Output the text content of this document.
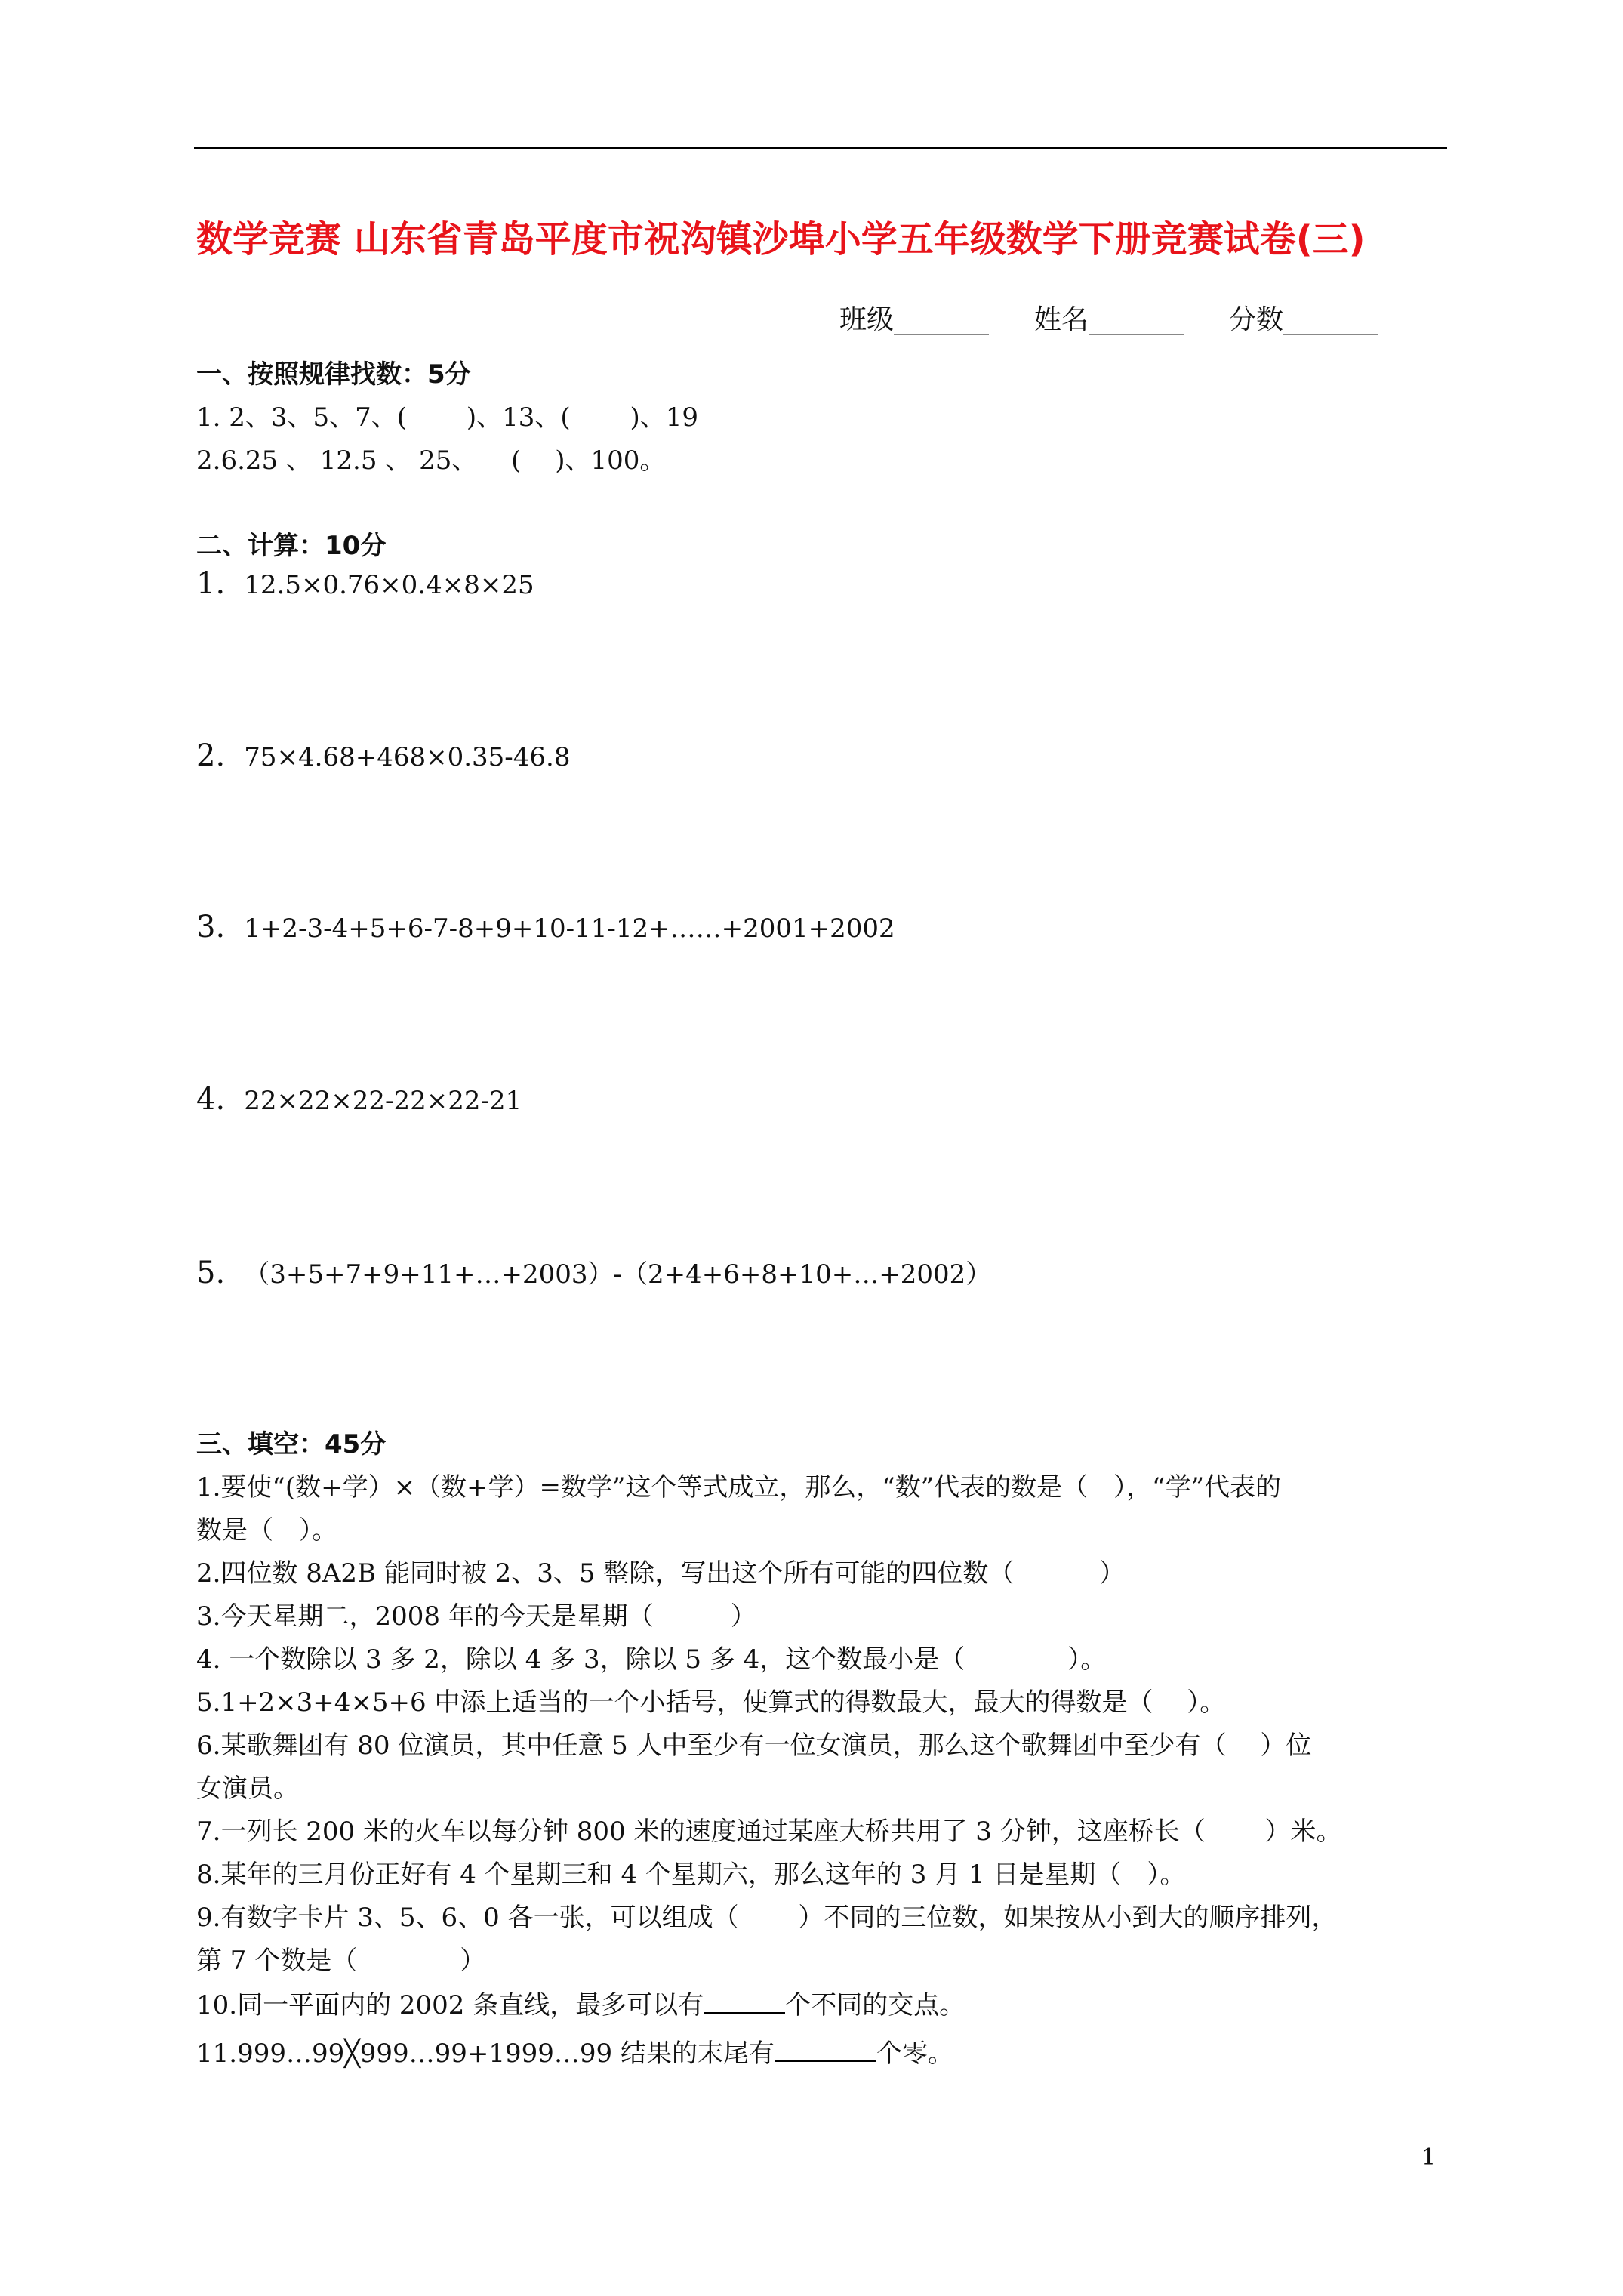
数学竞赛 山东省青岛平度市祝沟镇沙埠小学五年级数学下册竞赛试卷(三)
班级_______ 姓名_______ 分数_______
一、按照规律找数：5分
1. 2、3、5、7、(　　 )、13、(　　 )、19
2.6.25 、 12.5 、 25、 　( 　)、100。
二、计算：10分
1. 12.5×0.76×0.4×8×25
2. 75×4.68+468×0.35-46.8
3. 1+2-3-4+5+6-7-8+9+10-11-12+……+2001+2002
4. 22×22×22-22×22-21
5. （3+5+7+9+11+…+2003）-（2+4+6+8+10+…+2002）
三、填空：45分
1.要使“(数+学）×（数+学）=数学”这个等式成立，那么，“数”代表的数是（　），“学”代表的
数是（　）。
2.四位数 8A2B 能同时被 2、3、5 整除，写出这个所有可能的四位数（　　　 ）
3.今天星期二，2008 年的今天是星期（　　　）
4. 一个数除以 3 多 2，除以 4 多 3，除以 5 多 4，这个数最小是（　　　　）。
5.1+2×3+4×5+6 中添上适当的一个小括号，使算式的得数最大，最大的得数是（　 ）。
6.某歌舞团有 80 位演员，其中任意 5 人中至少有一位女演员，那么这个歌舞团中至少有（　 ）位
女演员。
7.一列长 200 米的火车以每分钟 800 米的速度通过某座大桥共用了 3 分钟，这座桥长（　　 ）米。
8.某年的三月份正好有 4 个星期三和 4 个星期六，那么这年的 3 月 1 日是星期（　）。
9.有数字卡片 3、5、6、0 各一张，可以组成（　　 ）不同的三位数，如果按从小到大的顺序排列，
第 7 个数是（　　　　）
10.同一平面内的 2002 条直线，最多可以有	个不同的交点。
11.999…99╳999…99+1999…99 结果的末尾有	个零。
1
